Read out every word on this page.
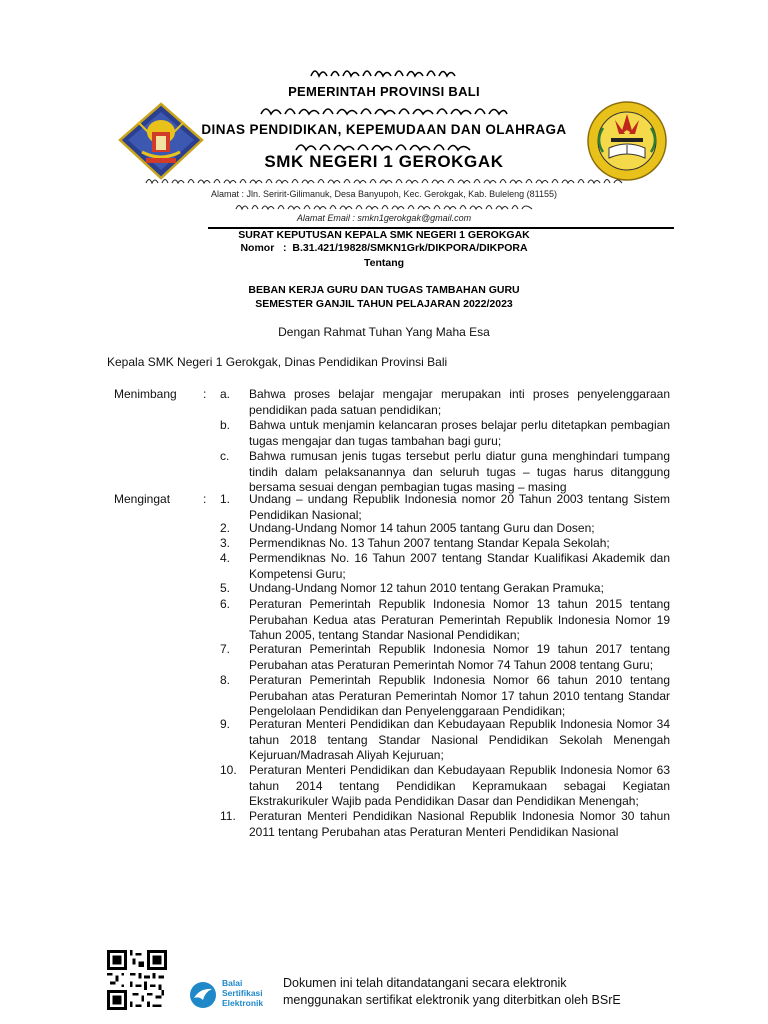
PEMERINTAH PROVINSI BALI
DINAS PENDIDIKAN, KEPEMUDAAN DAN OLAHRAGA
SMK NEGERI 1 GEROKGAK
Alamat : Jln. Seririt-Gilimanuk, Desa Banyupoh, Kec. Gerokgak, Kab. Buleleng (81155)
Alamat Email : smkn1gerokgak@gmail.com
SURAT KEPUTUSAN KEPALA SMK NEGERI 1 GEROKGAK
Nomor   :  B.31.421/19828/SMKN1Grk/DIKPORA/DIKPORA
Tentang
BEBAN KERJA GURU DAN TUGAS TAMBAHAN GURU
SEMESTER GANJIL TAHUN PELAJARAN 2022/2023
Dengan Rahmat Tuhan Yang Maha Esa
Kepala SMK Negeri 1 Gerokgak, Dinas Pendidikan Provinsi Bali
Menimbang : a. Bahwa proses belajar mengajar merupakan inti proses penyelenggaraan pendidikan pada satuan pendidikan;
b. Bahwa untuk menjamin kelancaran proses belajar perlu ditetapkan pembagian tugas mengajar dan tugas tambahan bagi guru;
c. Bahwa rumusan jenis tugas tersebut perlu diatur guna menghindari tumpang tindih dalam pelaksanannya dan seluruh tugas – tugas harus ditanggung bersama sesuai dengan pembagian tugas masing – masing
Mengingat	: 1. Undang – undang Republik Indonesia nomor 20 Tahun 2003 tentang Sistem Pendidikan Nasional;
2. Undang-Undang Nomor 14 tahun 2005 tantang Guru dan Dosen;
3. Permendiknas No. 13 Tahun 2007 tentang Standar Kepala Sekolah;
4. Permendiknas No. 16 Tahun 2007 tentang Standar Kualifikasi Akademik dan Kompetensi Guru;
5. Undang-Undang Nomor 12 tahun 2010 tentang Gerakan Pramuka;
6. Peraturan Pemerintah Republik Indonesia Nomor 13 tahun 2015 tentang Perubahan Kedua atas Peraturan Pemerintah Republik Indonesia Nomor 19 Tahun 2005, tentang Standar Nasional Pendidikan;
7. Peraturan Pemerintah Republik Indonesia Nomor 19 tahun 2017 tentang Perubahan atas Peraturan Pemerintah Nomor 74 Tahun 2008 tentang Guru;
8. Peraturan Pemerintah Republik Indonesia Nomor 66 tahun 2010 tentang Perubahan atas Peraturan Pemerintah Nomor 17 tahun 2010 tentang Standar Pengelolaan Pendidikan dan Penyelenggaraan Pendidikan;
9. Peraturan Menteri Pendidikan dan Kebudayaan Republik Indonesia Nomor 34 tahun 2018 tentang Standar Nasional Pendidikan Sekolah Menengah Kejuruan/Madrasah Aliyah Kejuruan;
10. Peraturan Menteri Pendidikan dan Kebudayaan Republik Indonesia Nomor 63 tahun 2014 tentang Pendidikan Kepramukaan sebagai Kegiatan Ekstrakurikuler Wajib pada Pendidikan Dasar dan Pendidikan Menengah;
11. Peraturan Menteri Pendidikan Nasional Republik Indonesia Nomor 30 tahun 2011 tentang Perubahan atas Peraturan Menteri Pendidikan Nasional
Balai
Sertifikasi
Elektronik
Dokumen ini telah ditandatangani secara elektronik
menggunakan sertifikat elektronik yang diterbitkan oleh BSrE
